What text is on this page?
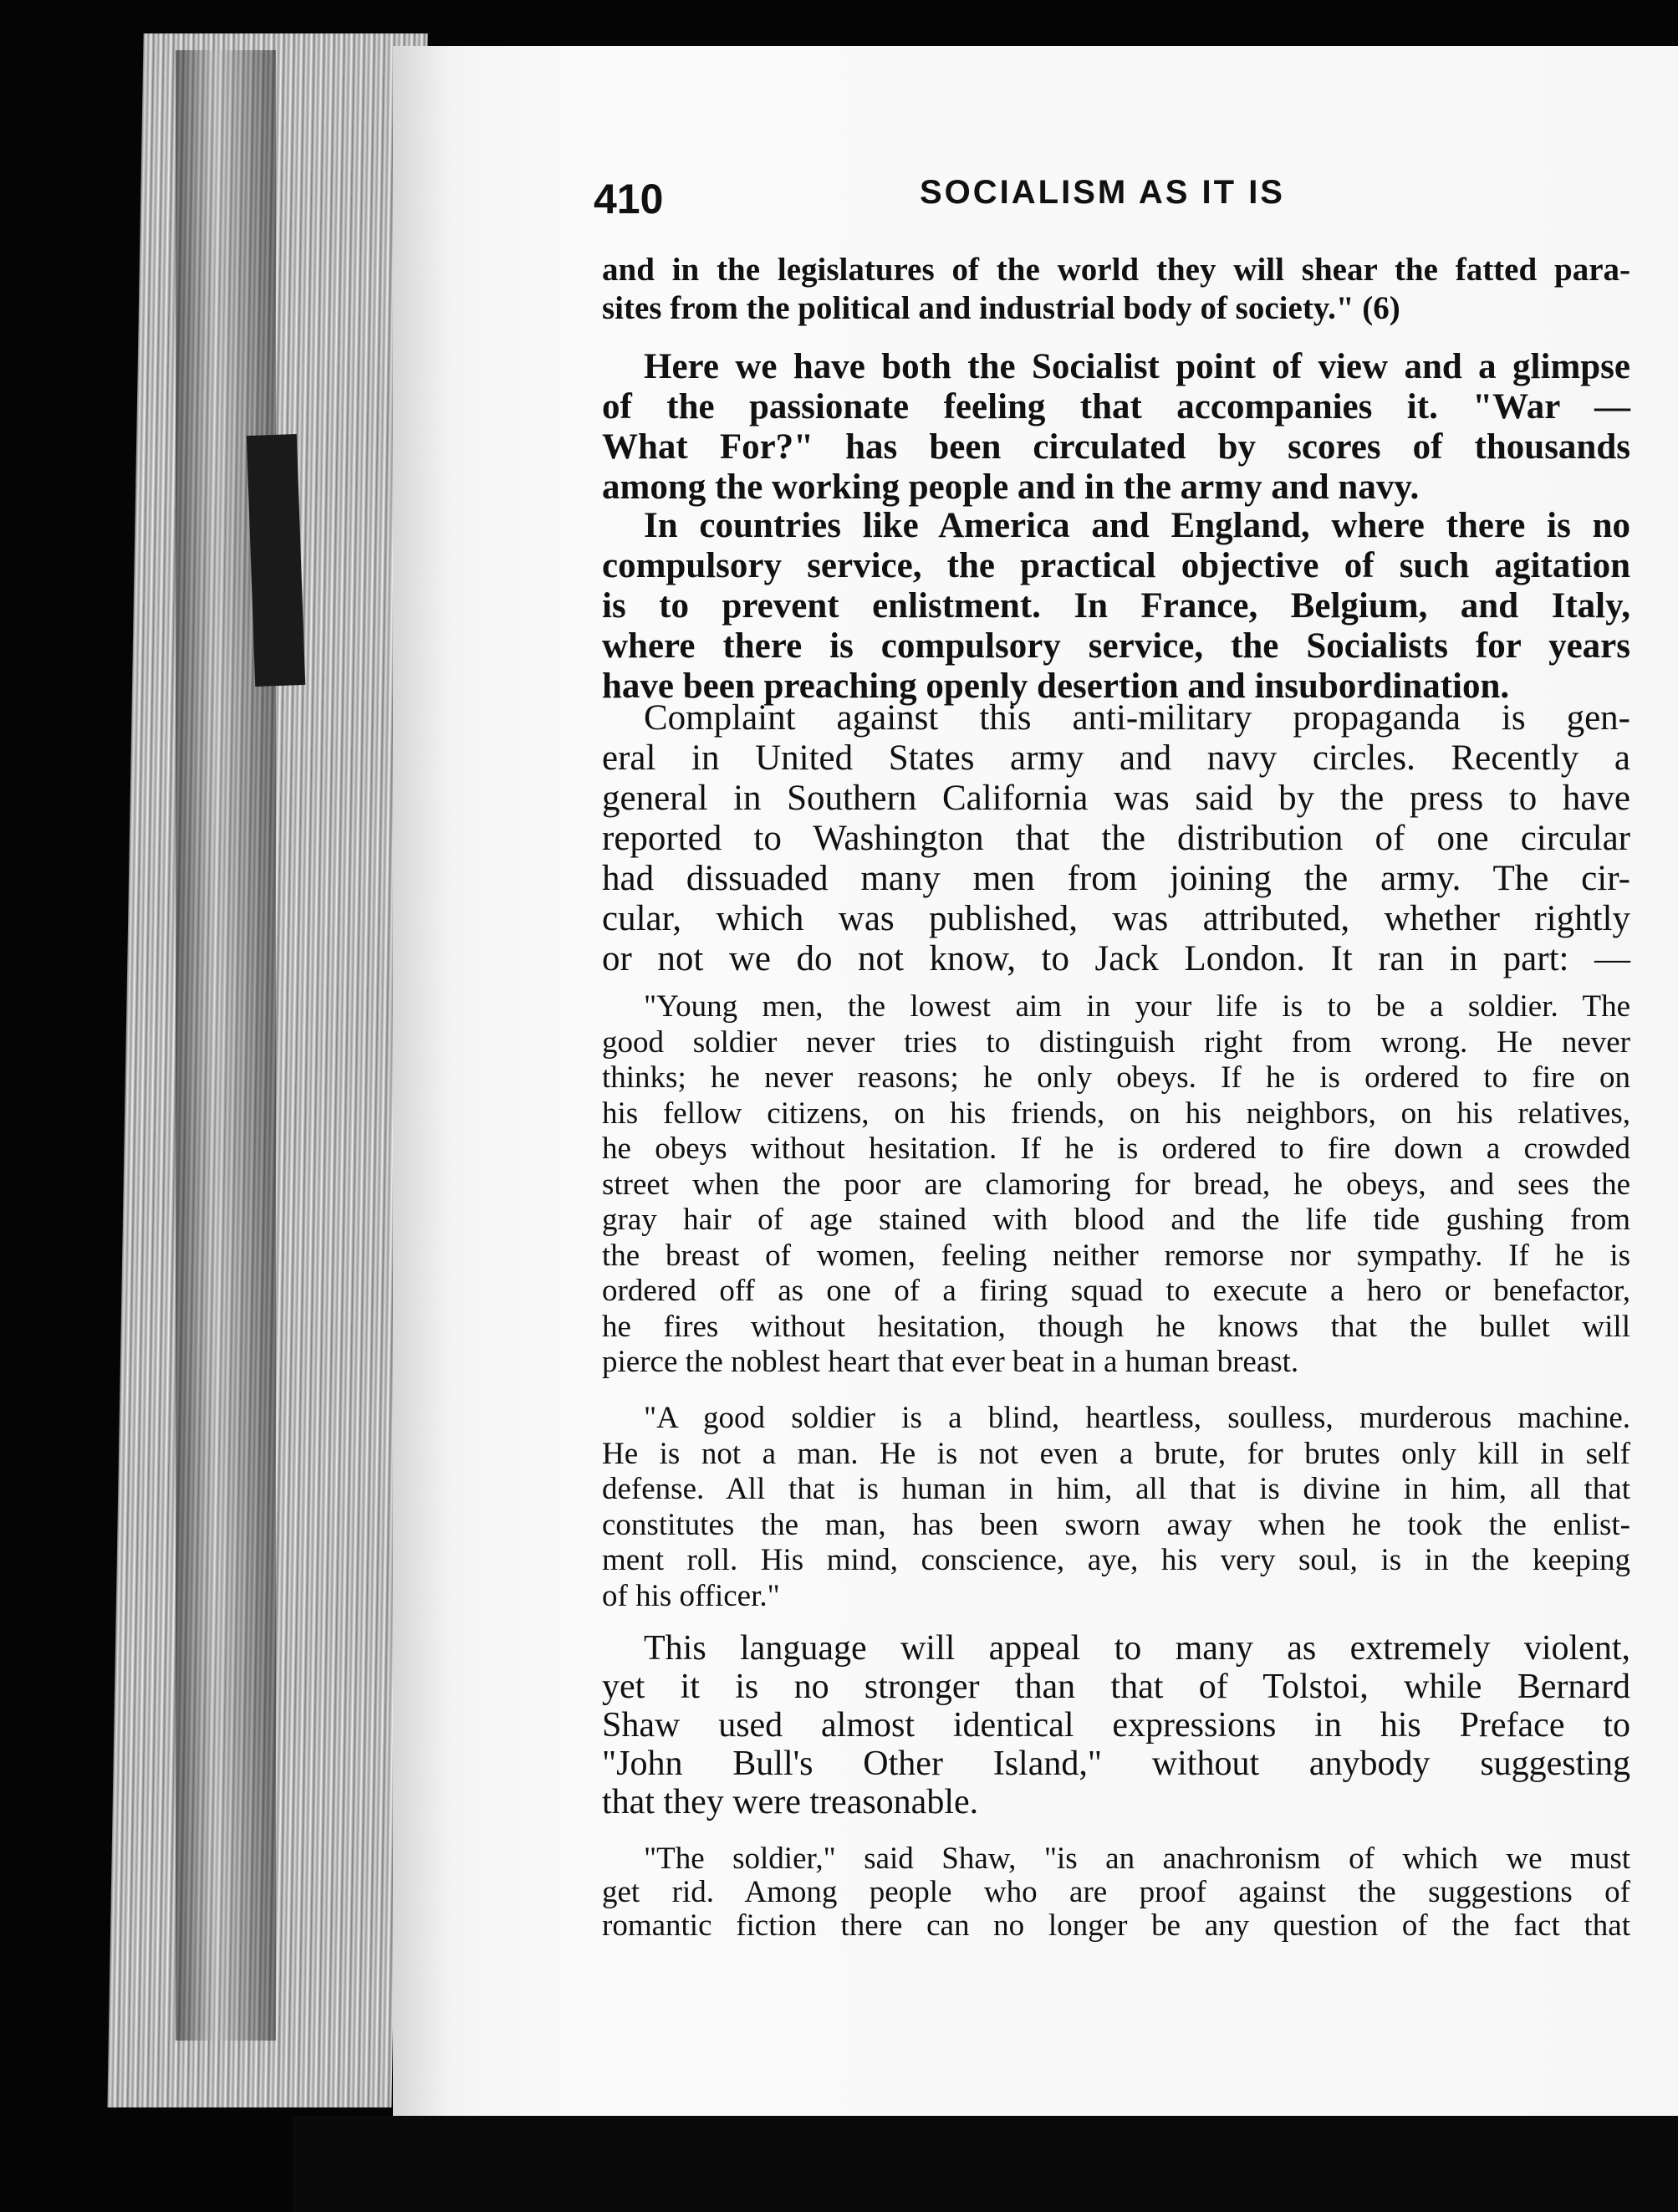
410	SOCIALISM AS IT IS
and in the legislatures of the world they will shear the fatted para-
sites from the political and industrial body of society." (6)
Here we have both the Socialist point of view and a glimpse
of the passionate feeling that accompanies it. "War —
What For?" has been circulated by scores of thousands
among the working people and in the army and navy.
In countries like America and England, where there is no
compulsory service, the practical objective of such agitation
is to prevent enlistment. In France, Belgium, and Italy,
where there is compulsory service, the Socialists for years
have been preaching openly desertion and insubordination.
Complaint against this anti-military propaganda is gen-
eral in United States army and navy circles. Recently a
general in Southern California was said by the press to have
reported to Washington that the distribution of one circular
had dissuaded many men from joining the army. The cir-
cular, which was published, was attributed, whether rightly
or not we do not know, to Jack London. It ran in part: —
"Young men, the lowest aim in your life is to be a soldier. The
good soldier never tries to distinguish right from wrong. He never
thinks; he never reasons; he only obeys. If he is ordered to fire on
his fellow citizens, on his friends, on his neighbors, on his relatives,
he obeys without hesitation. If he is ordered to fire down a crowded
street when the poor are clamoring for bread, he obeys, and sees the
gray hair of age stained with blood and the life tide gushing from
the breast of women, feeling neither remorse nor sympathy. If he is
ordered off as one of a firing squad to execute a hero or benefactor,
he fires without hesitation, though he knows that the bullet will
pierce the noblest heart that ever beat in a human breast.
"A good soldier is a blind, heartless, soulless, murderous machine.
He is not a man. He is not even a brute, for brutes only kill in self
defense. All that is human in him, all that is divine in him, all that
constitutes the man, has been sworn away when he took the enlist-
ment roll. His mind, conscience, aye, his very soul, is in the keeping
of his officer."
This language will appeal to many as extremely violent,
yet it is no stronger than that of Tolstoi, while Bernard
Shaw used almost identical expressions in his Preface to
"John Bull's Other Island," without anybody suggesting
that they were treasonable.
"The soldier," said Shaw, "is an anachronism of which we must
get rid. Among people who are proof against the suggestions of
romantic fiction there can no longer be any question of the fact that
